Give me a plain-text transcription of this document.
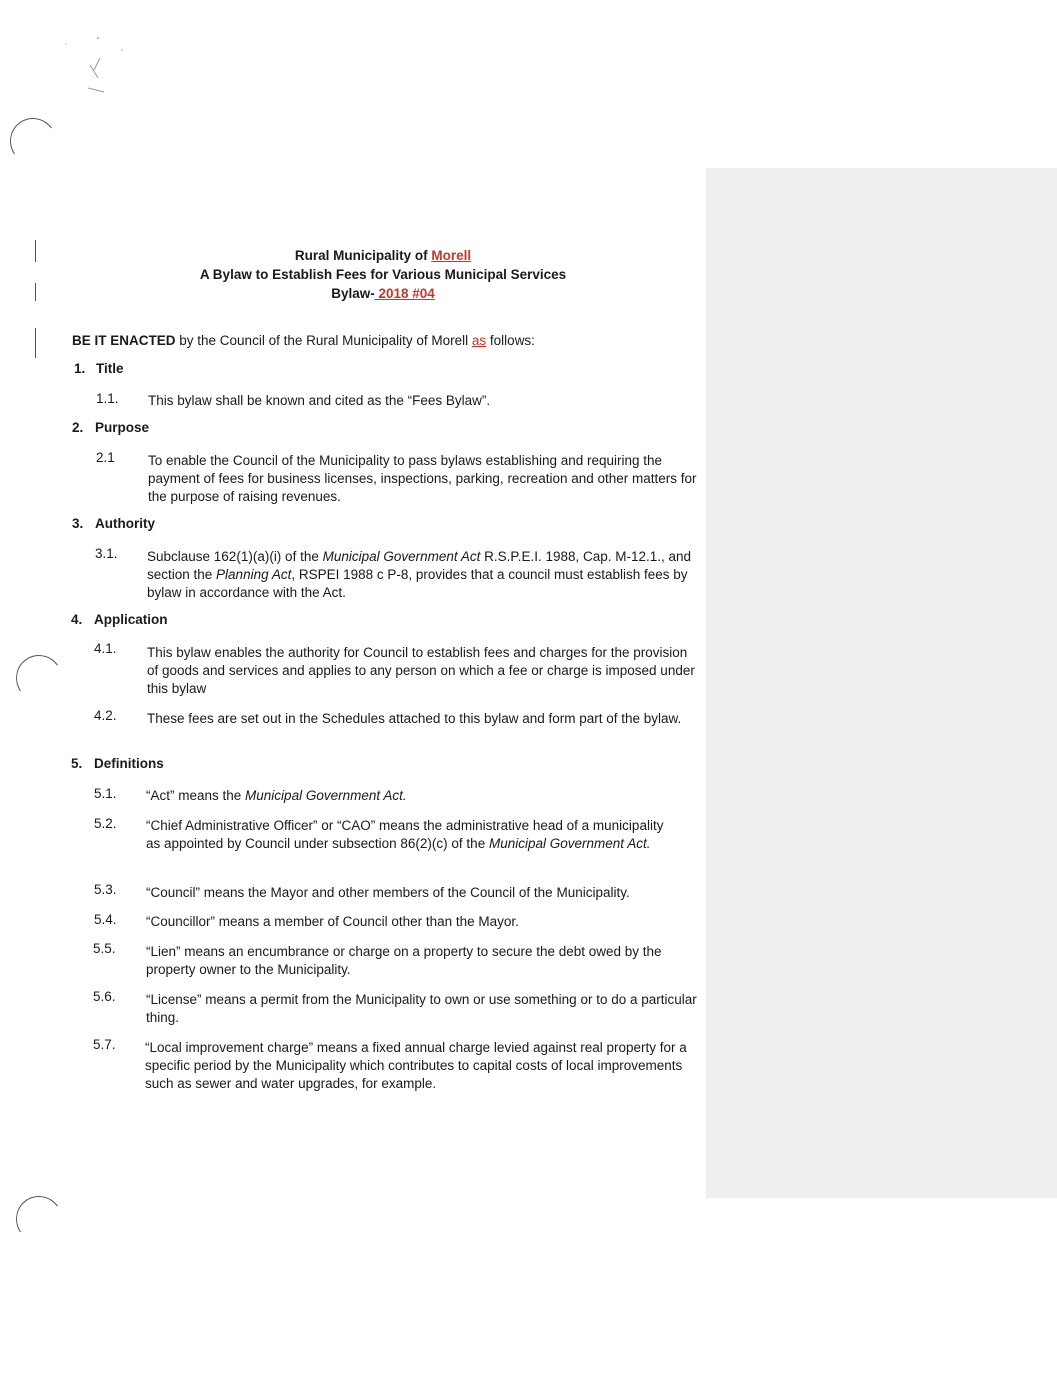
Rural Municipality of Morell
A Bylaw to Establish Fees for Various Municipal Services
Bylaw- 2018 #04
BE IT ENACTED by the Council of the Rural Municipality of Morell as follows:
1. Title
1.1. This bylaw shall be known and cited as the “Fees Bylaw”.
2. Purpose
2.1 To enable the Council of the Municipality to pass bylaws establishing and requiring the payment of fees for business licenses, inspections, parking, recreation and other matters for the purpose of raising revenues.
3. Authority
3.1. Subclause 162(1)(a)(i) of the Municipal Government Act R.S.P.E.I. 1988, Cap. M-12.1., and section the Planning Act, RSPEI 1988 c P-8, provides that a council must establish fees by bylaw in accordance with the Act.
4. Application
4.1. This bylaw enables the authority for Council to establish fees and charges for the provision of goods and services and applies to any person on which a fee or charge is imposed under this bylaw
4.2. These fees are set out in the Schedules attached to this bylaw and form part of the bylaw.
5. Definitions
5.1. “Act” means the Municipal Government Act.
5.2. “Chief Administrative Officer” or “CAO” means the administrative head of a municipality as appointed by Council under subsection 86(2)(c) of the Municipal Government Act.
5.3. “Council” means the Mayor and other members of the Council of the Municipality.
5.4. “Councillor” means a member of Council other than the Mayor.
5.5. “Lien” means an encumbrance or charge on a property to secure the debt owed by the property owner to the Municipality.
5.6. “License” means a permit from the Municipality to own or use something or to do a particular thing.
5.7. “Local improvement charge” means a fixed annual charge levied against real property for a specific period by the Municipality which contributes to capital costs of local improvements such as sewer and water upgrades, for example.
